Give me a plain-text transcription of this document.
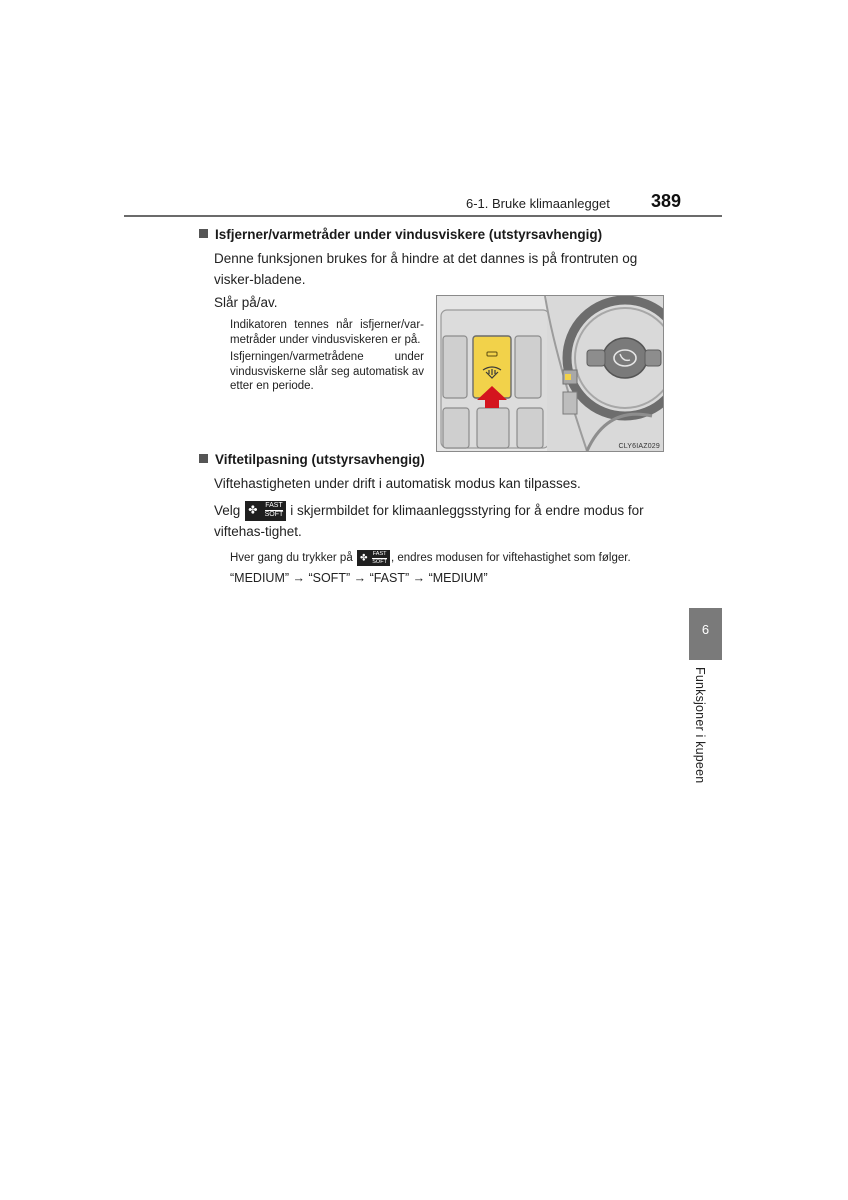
6-1. Bruke klimaanlegget 389
Isfjerner/varmetråder under vindusviskere (utstyrsavhengig)
Denne funksjonen brukes for å hindre at det dannes is på frontruten og visker-bladene.
Slår på/av.
Indikatoren tennes når isfjerner/var-metråder under vindusviskeren er på.
Isfjerningen/varmetrådene under vindusviskerne slår seg automatisk av etter en periode.
CLY6IAZ029
Viftetilpasning (utstyrsavhengig)
Viftehastigheten under drift i automatisk modus kan tilpasses.
Velg ✤ FAST
SOFT i skjermbildet for klimaanleggsstyring for å endre modus for viftehas-tighet.
Hver gang du trykker på ✤ FAST
SOFT , endres modusen for viftehastighet som følger.
“MEDIUM” → “SOFT” → “FAST” → “MEDIUM”
6
Funksjoner i kupeen
